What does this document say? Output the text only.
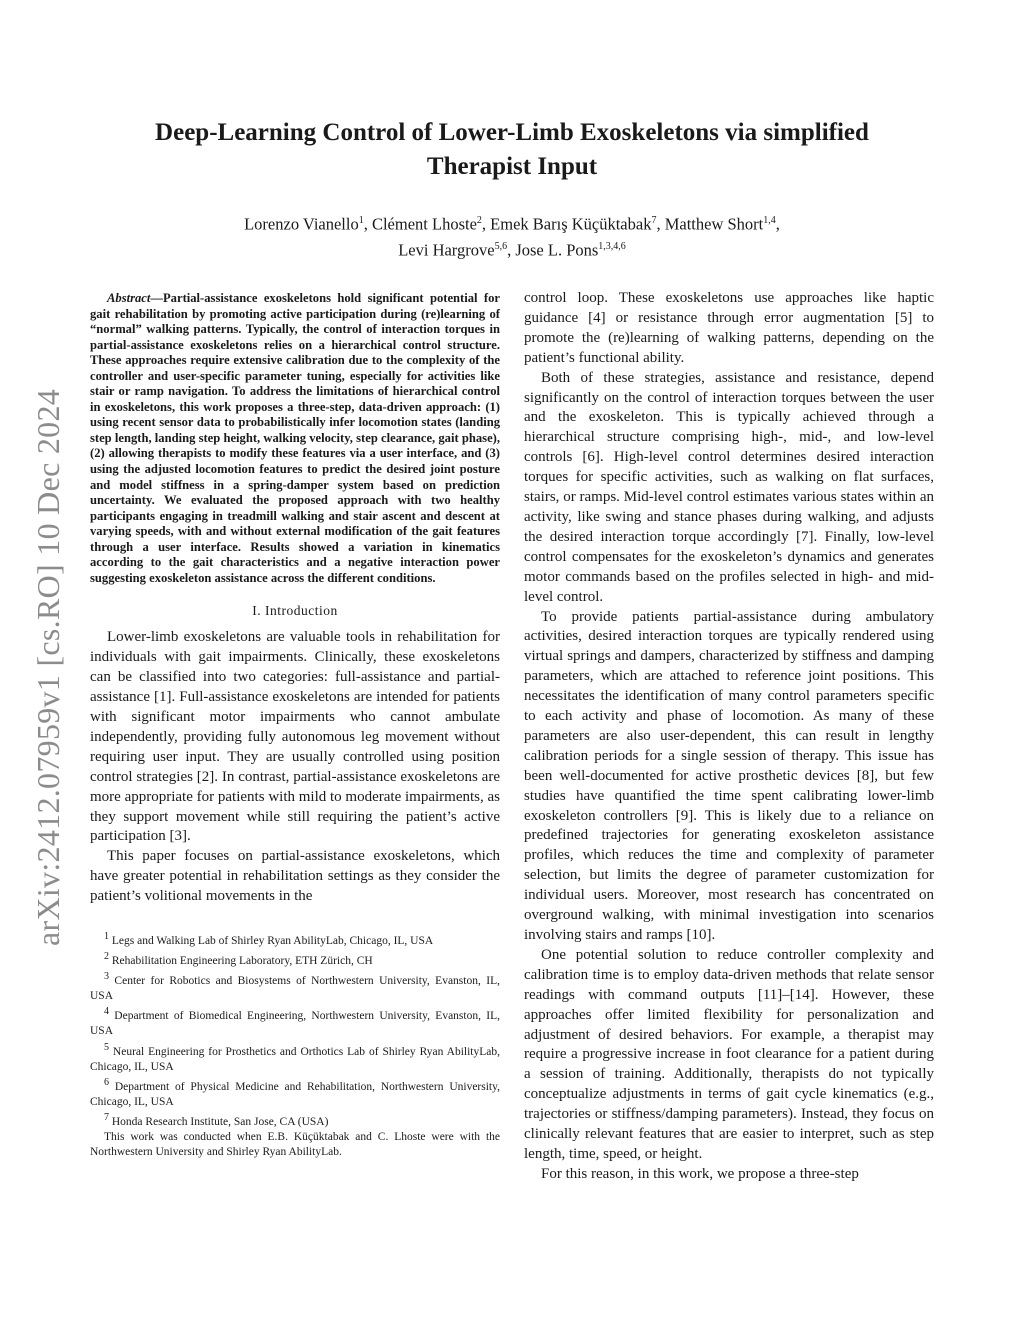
arXiv:2412.07959v1 [cs.RO] 10 Dec 2024
Deep-Learning Control of Lower-Limb Exoskeletons via simplified
Therapist Input
Lorenzo Vianello$^1$, Clément Lhoste$^2$, Emek Barış Küçüktabak$^7$, Matthew Short$^{1,4}$,
Levi Hargrove$^{5,6}$, Jose L. Pons$^{1,3,4,6}$

Abstract—Partial-assistance exoskeletons hold significant potential for gait rehabilitation by promoting active participation during (re)learning of “normal” walking patterns. Typically, the control of interaction torques in partial-assistance exoskeletons relies on a hierarchical control structure. These approaches require extensive calibration due to the complexity of the controller and user-specific parameter tuning, especially for activities like stair or ramp navigation. To address the limitations of hierarchical control in exoskeletons, this work proposes a three-step, data-driven approach: (1) using recent sensor data to probabilistically infer locomotion states (landing step length, landing step height, walking velocity, step clearance, gait phase), (2) allowing therapists to modify these features via a user interface, and (3) using the adjusted locomotion features to predict the desired joint posture and model stiffness in a spring-damper system based on prediction uncertainty. We evaluated the proposed approach with two healthy participants engaging in treadmill walking and stair ascent and descent at varying speeds, with and without external modification of the gait features through a user interface. Results showed a variation in kinematics according to the gait characteristics and a negative interaction power suggesting exoskeleton assistance across the different conditions.

I. Introduction

Lower-limb exoskeletons are valuable tools in rehabilitation for individuals with gait impairments. Clinically, these exoskeletons can be classified into two categories: full-assistance and partial-assistance [1]. Full-assistance exoskeletons are intended for patients with significant motor impairments who cannot ambulate independently, providing fully autonomous leg movement without requiring user input. They are usually controlled using position control strategies [2]. In contrast, partial-assistance exoskeletons are more appropriate for patients with mild to moderate impairments, as they support movement while still requiring the patient’s active participation [3].

This paper focuses on partial-assistance exoskeletons, which have greater potential in rehabilitation settings as they consider the patient’s volitional movements in the

$^1$ Legs and Walking Lab of Shirley Ryan AbilityLab, Chicago, IL, USA

$^2$ Rehabilitation Engineering Laboratory, ETH Zürich, CH

$^3$ Center for Robotics and Biosystems of Northwestern University, Evanston, IL, USA

$^4$ Department of Biomedical Engineering, Northwestern University, Evanston, IL, USA

$^5$ Neural Engineering for Prosthetics and Orthotics Lab of Shirley Ryan AbilityLab, Chicago, IL, USA

$^6$ Department of Physical Medicine and Rehabilitation, Northwestern University, Chicago, IL, USA

$^7$ Honda Research Institute, San Jose, CA (USA)

This work was conducted when E.B. Küçüktabak and C. Lhoste were with the Northwestern University and Shirley Ryan AbilityLab.

control loop. These exoskeletons use approaches like haptic guidance [4] or resistance through error augmentation [5] to promote the (re)learning of walking patterns, depending on the patient’s functional ability.

Both of these strategies, assistance and resistance, depend significantly on the control of interaction torques between the user and the exoskeleton. This is typically achieved through a hierarchical structure comprising high-, mid-, and low-level controls [6]. High-level control determines desired interaction torques for specific activities, such as walking on flat surfaces, stairs, or ramps. Mid-level control estimates various states within an activity, like swing and stance phases during walking, and adjusts the desired interaction torque accordingly [7]. Finally, low-level control compensates for the exoskeleton’s dynamics and generates motor commands based on the profiles selected in high- and mid-level control.

To provide patients partial-assistance during ambulatory activities, desired interaction torques are typically rendered using virtual springs and dampers, characterized by stiffness and damping parameters, which are attached to reference joint positions. This necessitates the identification of many control parameters specific to each activity and phase of locomotion. As many of these parameters are also user-dependent, this can result in lengthy calibration periods for a single session of therapy. This issue has been well-documented for active prosthetic devices [8], but few studies have quantified the time spent calibrating lower-limb exoskeleton controllers [9]. This is likely due to a reliance on predefined trajectories for generating exoskeleton assistance profiles, which reduces the time and complexity of parameter selection, but limits the degree of parameter customization for individual users. Moreover, most research has concentrated on overground walking, with minimal investigation into scenarios involving stairs and ramps [10].

One potential solution to reduce controller complexity and calibration time is to employ data-driven methods that relate sensor readings with command outputs [11]–[14]. However, these approaches offer limited flexibility for personalization and adjustment of desired behaviors. For example, a therapist may require a progressive increase in foot clearance for a patient during a session of training. Additionally, therapists do not typically conceptualize adjustments in terms of gait cycle kinematics (e.g., trajectories or stiffness/damping parameters). Instead, they focus on clinically relevant features that are easier to interpret, such as step length, time, speed, or height.

For this reason, in this work, we propose a three-step
